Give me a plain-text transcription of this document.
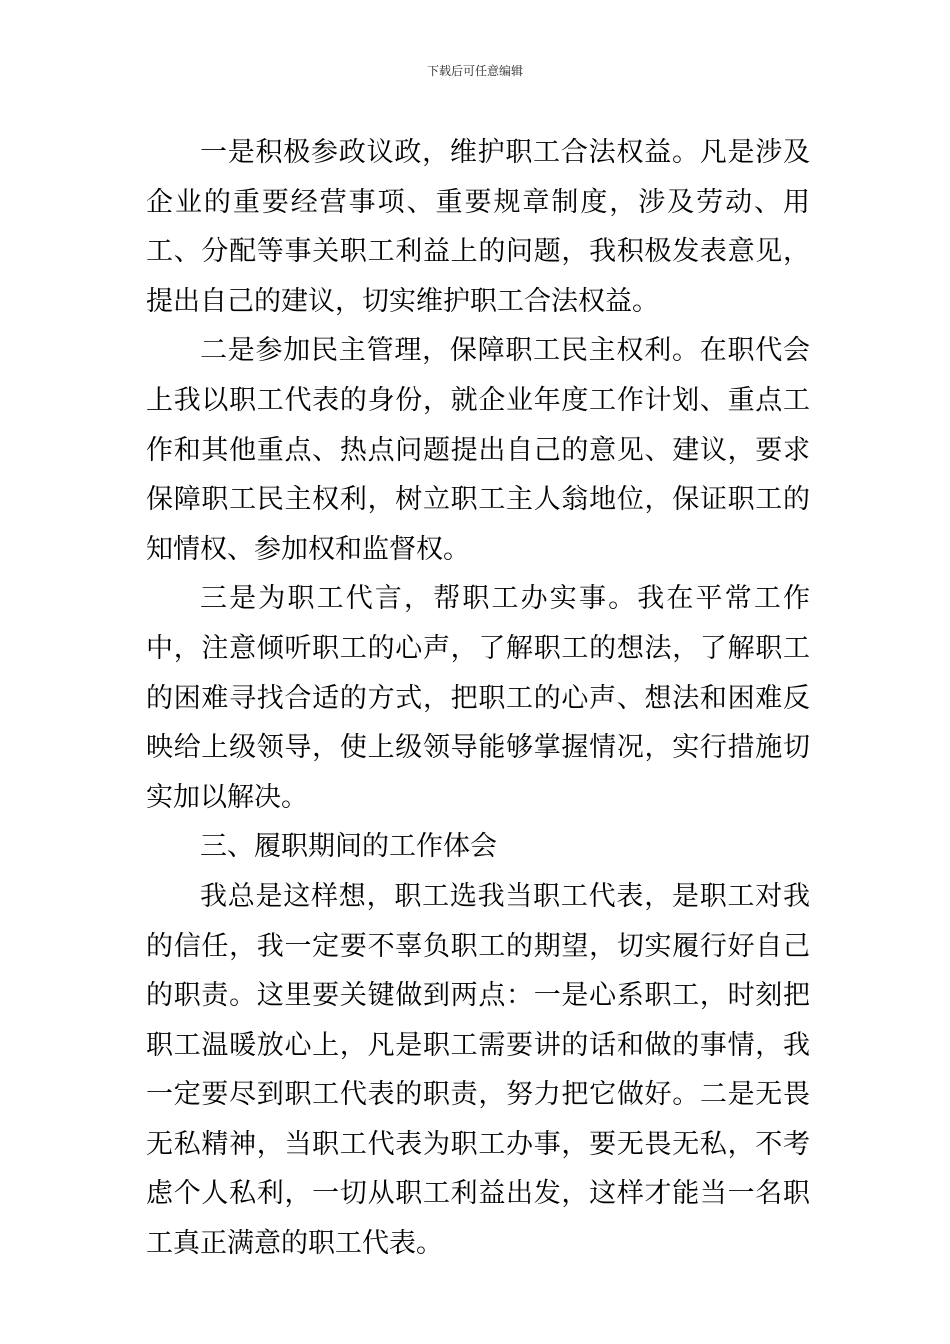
下载后可任意编辑

一是积极参政议政，维护职工合法权益。凡是涉及企业的重要经营事项、重要规章制度，涉及劳动、用工、分配等事关职工利益上的问题，我积极发表意见，提出自己的建议，切实维护职工合法权益。

二是参加民主管理，保障职工民主权利。在职代会上我以职工代表的身份，就企业年度工作计划、重点工作和其他重点、热点问题提出自己的意见、建议，要求保障职工民主权利，树立职工主人翁地位，保证职工的知情权、参加权和监督权。

三是为职工代言，帮职工办实事。我在平常工作中，注意倾听职工的心声，了解职工的想法，了解职工的困难寻找合适的方式，把职工的心声、想法和困难反映给上级领导，使上级领导能够掌握情况，实行措施切实加以解决。

三、履职期间的工作体会

我总是这样想，职工选我当职工代表，是职工对我的信任，我一定要不辜负职工的期望，切实履行好自己的职责。这里要关键做到两点：一是心系职工，时刻把职工温暖放心上，凡是职工需要讲的话和做的事情，我一定要尽到职工代表的职责，努力把它做好。二是无畏无私精神，当职工代表为职工办事，要无畏无私，不考虑个人私利，一切从职工利益出发，这样才能当一名职工真正满意的职工代表。
